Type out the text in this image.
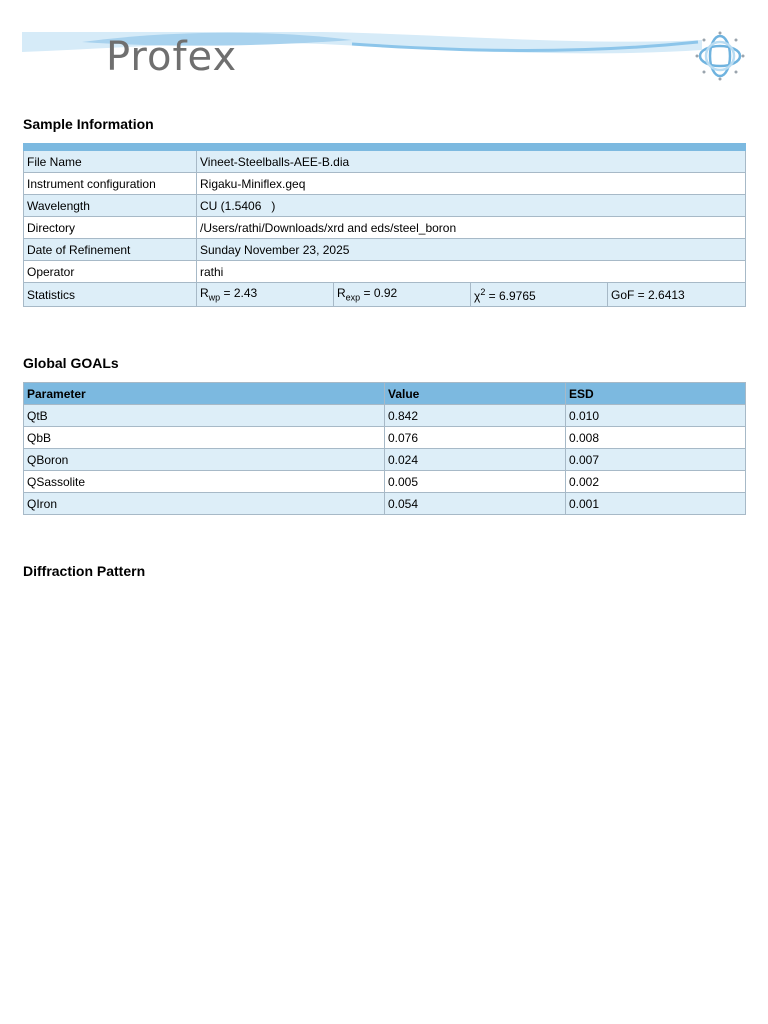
Profex
Sample Information

File Name	Vineet-Steelballs-AEE-B.dia			
Instrument configuration	Rigaku-Miniflex.geq			
Wavelength	CU (1.5406   )			
Directory	/Users/rathi/Downloads/xrd and eds/steel_boron			
Date of Refinement	Sunday November 23, 2025			
Operator	rathi			
Statistics	$R_{wp} = 2.43$	$R_{exp} = 0.92$	$\chi^2 = 6.9765$	GoF = 2.6413
Global GOALs
Parameter	Value	ESD
QtB	0.842	0.010
QbB	0.076	0.008
QBoron	0.024	0.007
QSassolite	0.005	0.002
QIron	0.054	0.001
Diffraction Pattern
